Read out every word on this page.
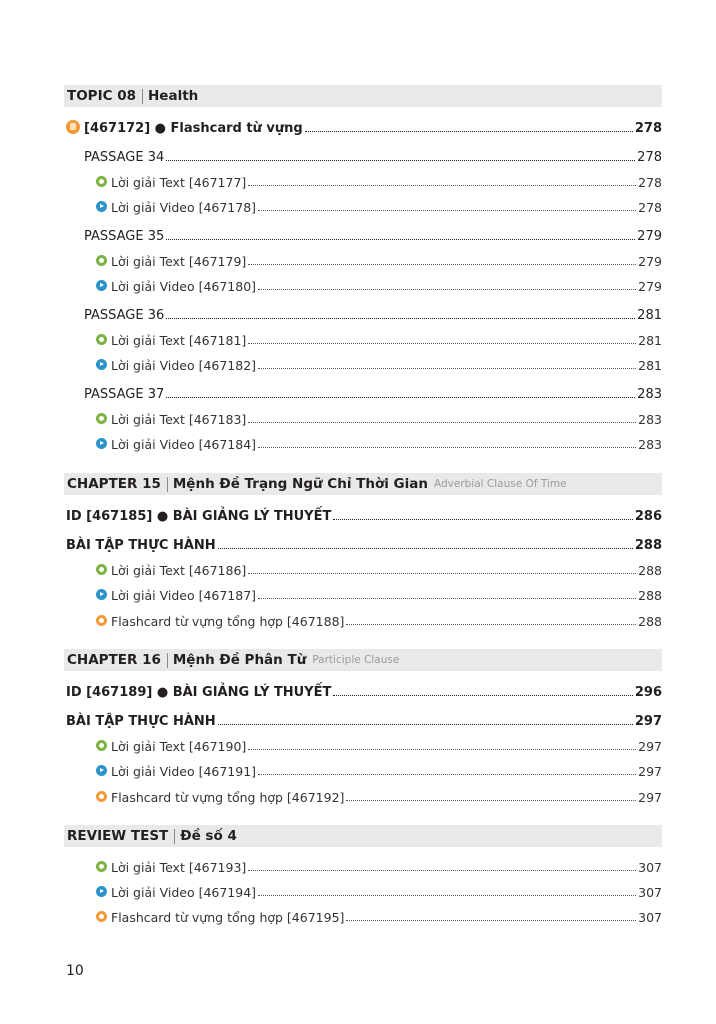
TOPIC 08 Health
[467172] ● Flashcard từ vựng	278
PASSAGE 34	278
Lời giải Text [467177]	278
Lời giải Video [467178]	278
PASSAGE 35	279
Lời giải Text [467179]	279
Lời giải Video [467180]	279
PASSAGE 36	281
Lời giải Text [467181]	281
Lời giải Video [467182]	281
PASSAGE 37	283
Lời giải Text [467183]	283
Lời giải Video [467184]	283
CHAPTER 15 Mệnh Đề Trạng Ngữ Chỉ Thời Gian Adverbial Clause Of Time
ID [467185] ● BÀI GIẢNG LÝ THUYẾT	286
BÀI TẬP THỰC HÀNH	288
Lời giải Text [467186]	288
Lời giải Video [467187]	288
Flashcard từ vựng tổng hợp [467188]	288
CHAPTER 16 Mệnh Đề Phân Từ Participle Clause
ID [467189] ● BÀI GIẢNG LÝ THUYẾT	296
BÀI TẬP THỰC HÀNH	297
Lời giải Text [467190]	297
Lời giải Video [467191]	297
Flashcard từ vựng tổng hợp [467192]	297
REVIEW TEST Đề số 4
Lời giải Text [467193]	307
Lời giải Video [467194]	307
Flashcard từ vựng tổng hợp [467195]	307
10
